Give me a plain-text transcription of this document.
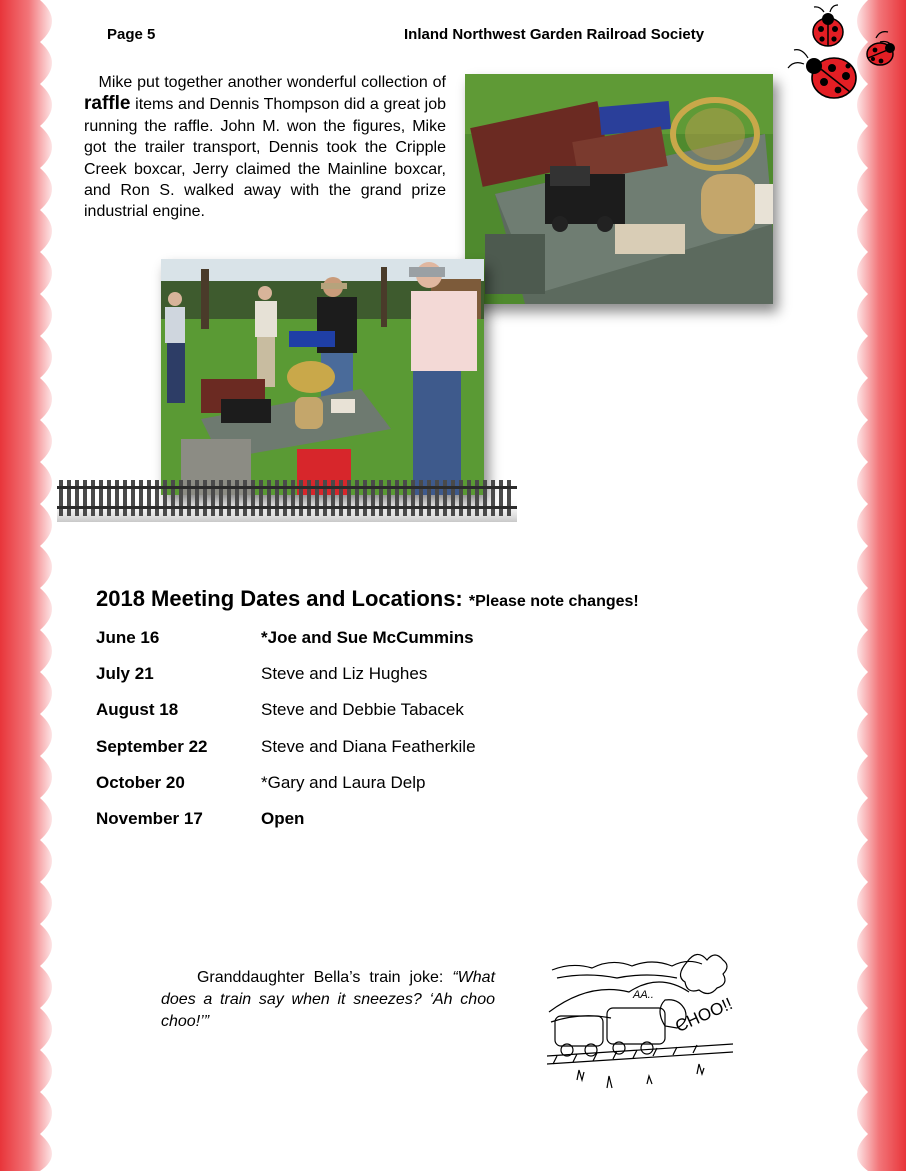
Page 5	Inland Northwest Garden Railroad Society
Mike put together another wonderful collection of raffle items and Dennis Thompson did a great job running the raffle. John M. won the figures, Mike got the trailer transport, Dennis took the Cripple Creek boxcar, Jerry claimed the Mainline boxcar, and Ron S. walked away with the grand prize industrial engine.
2018 Meeting Dates and Locations: *Please note changes!
June 16	*Joe and Sue McCummins
July 21	Steve and Liz Hughes
August 18	Steve and Debbie Tabacek
September 22	Steve and Diana Featherkile
October 20	*Gary and Laura Delp
November 17	Open
Granddaughter Bella’s train joke: “What does a train say when it sneezes? ‘Ah choo choo!’”
AA.. CHOO!!
